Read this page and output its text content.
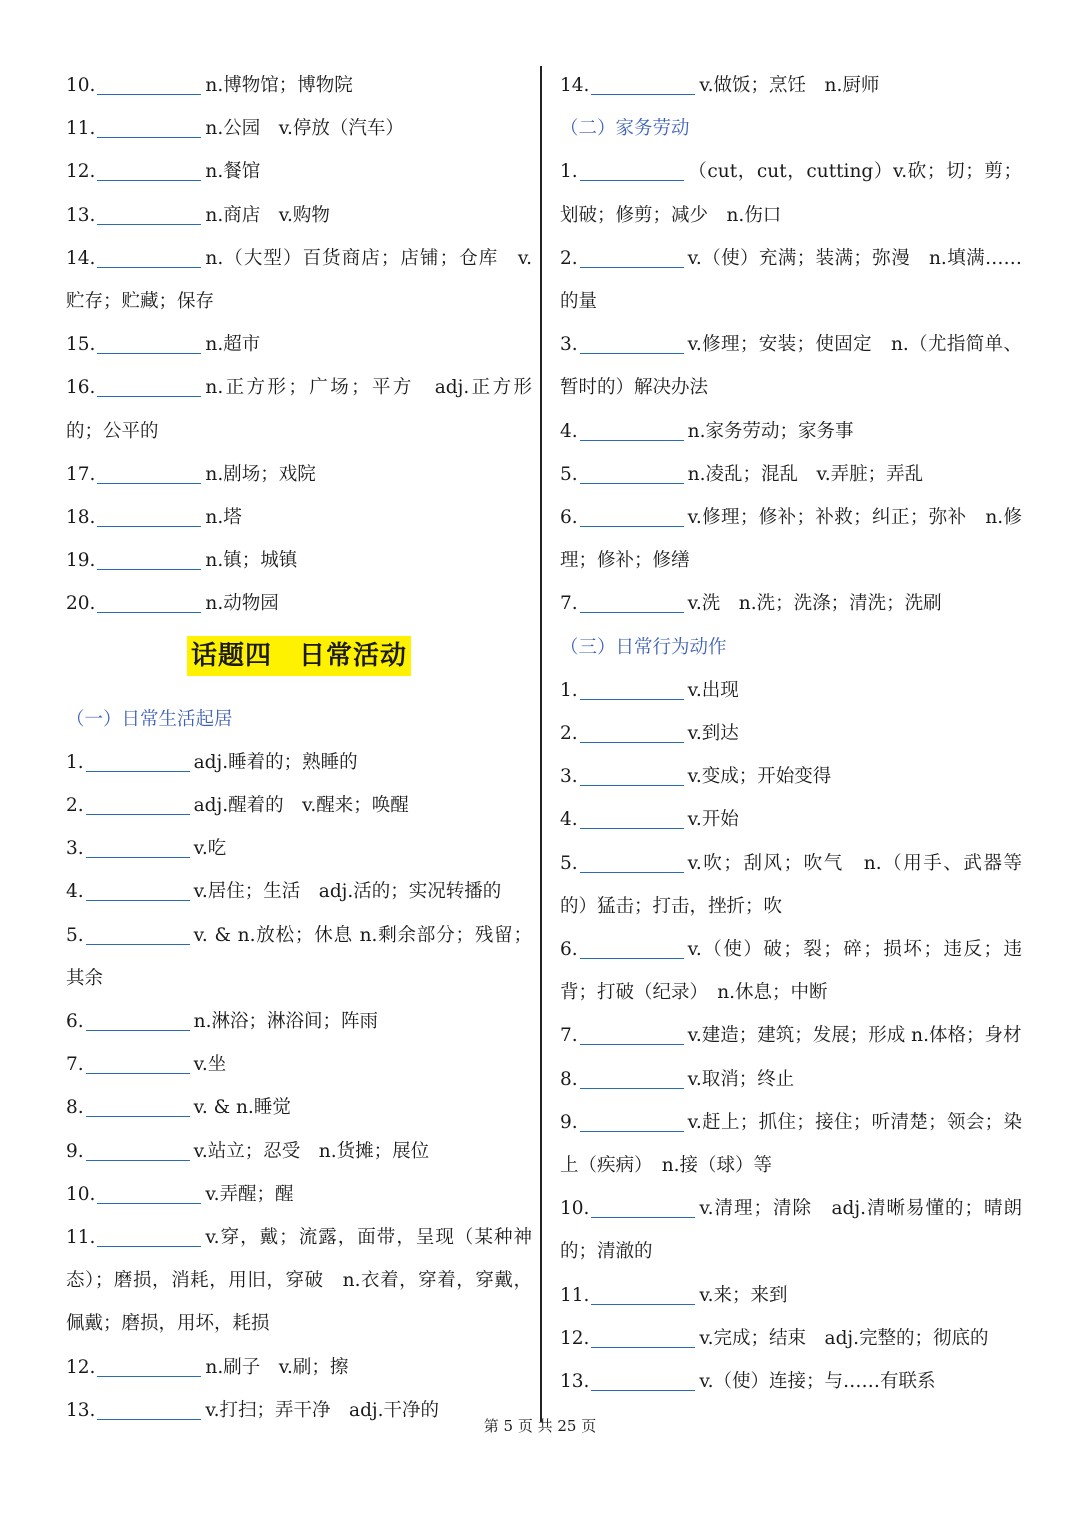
10.	n.博物馆；博物院
11.	n.公园　v.停放（汽车）
12.	n.餐馆
13.	n.商店　v.购物
14.	n.（大型）百货商店；店铺；仓库　v.贮存；贮藏；保存
15.	n.超市
16.	n.正方形；广场；平方　adj.正方形的；公平的
17.	n.剧场；戏院
18.	n.塔
19.	n.镇；城镇
20.	n.动物园
话题四　日常活动
（一）日常生活起居
1.	adj.睡着的；熟睡的
2.	adj.醒着的　v.醒来；唤醒
3.	v.吃
4.	v.居住；生活　adj.活的；实况转播的
5.	v. & n.放松；休息 n.剩余部分；残留；其余
6.	n.淋浴；淋浴间；阵雨
7.	v.坐
8.	v. & n.睡觉
9.	v.站立；忍受　n.货摊；展位
10.	v.弄醒；醒
11.	v.穿，戴；流露，面带，呈现（某种神态）；磨损，消耗，用旧，穿破　n.衣着，穿着，穿戴，佩戴；磨损，用坏，耗损
12.	n.刷子　v.刷；擦
13.	v.打扫；弄干净　adj.干净的
14.	v.做饭；烹饪　n.厨师
（二）家务劳动
1.	（cut，cut，cutting）v.砍；切；剪；划破；修剪；减少　n.伤口
2.	v.（使）充满；装满；弥漫　n.填满……的量
3.	v.修理；安装；使固定　n.（尤指简单、暂时的）解决办法
4.	n.家务劳动；家务事
5.	n.凌乱；混乱　v.弄脏；弄乱
6.	v.修理；修补；补救；纠正；弥补　n.修理；修补；修缮
7.	v.洗　n.洗；洗涤；清洗；洗刷
（三）日常行为动作
1.	v.出现
2.	v.到达
3.	v.变成；开始变得
4.	v.开始
5.	v.吹；刮风；吹气　n.（用手、武器等的）猛击；打击，挫折；吹
6.	v.（使）破；裂；碎；损坏；违反；违背；打破（纪录）　n.休息；中断
7.	v.建造；建筑；发展；形成 n.体格；身材
8.	v.取消；终止
9.	v.赶上；抓住；接住；听清楚；领会；染上（疾病）　n.接（球）等
10.	v.清理；清除　adj.清晰易懂的；晴朗的；清澈的
11.	v.来；来到
12.	v.完成；结束　adj.完整的；彻底的
13.	v.（使）连接；与……有联系
第 5 页 共 25 页
